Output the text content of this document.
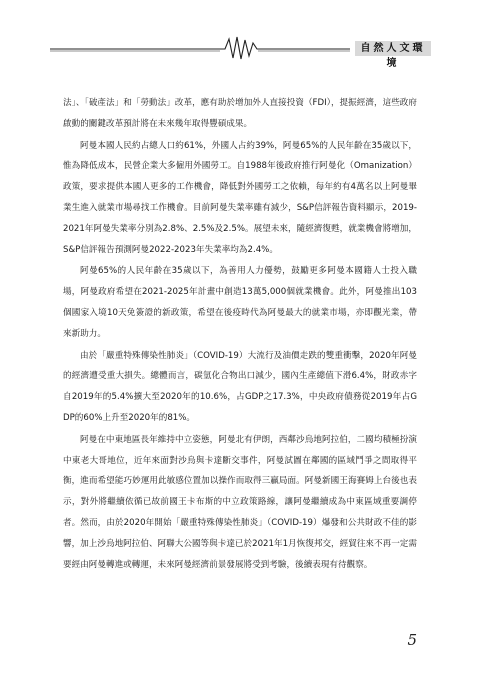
自然人文環境

法」、「破產法」和「勞動法」改革，應有助於增加外人直接投資（FDI），提振經濟，這些政府啟動的關鍵改革預計將在未來幾年取得豐碩成果。

阿曼本國人民約占總人口約61%，外國人占約39%，阿曼65%的人民年齡在35歲以下，惟為降低成本，民營企業大多僱用外國勞工。自1988年後政府推行阿曼化（Omanization）政策，要求提供本國人更多的工作機會，降低對外國勞工之依賴，每年約有4萬名以上阿曼畢業生進入就業市場尋找工作機會。目前阿曼失業率雖有減少，S&P信評報告資料顯示，2019-2021年阿曼失業率分別為2.8%、2.5%及2.5%。展望未來，隨經濟復甦，就業機會將增加，S&P信評報告預測阿曼2022-2023年失業率均為2.4%。

阿曼65%的人民年齡在35歲以下，為善用人力優勢，鼓勵更多阿曼本國籍人士投入職場，阿曼政府希望在2021-2025年計畫中創造13萬5,000個就業機會。此外，阿曼推出103個國家入境10天免簽證的新政策，希望在後疫時代為阿曼最大的就業市場，亦即觀光業，帶來新助力。

由於「嚴重特殊傳染性肺炎」（COVID-19）大流行及油價走跌的雙重衝擊，2020年阿曼的經濟遭受重大損失。總體而言，碳氫化合物出口減少，國內生產總值下滑6.4%，財政赤字自2019年的5.4%擴大至2020年的10.6%，占GDP之17.3%，中央政府債務從2019年占GDP的60%上升至2020年的81%。

阿曼在中東地區長年維持中立姿態，阿曼北有伊朗，西鄰沙烏地阿拉伯，二國均積極扮演中東老大哥地位，近年來面對沙烏與卡達斷交事件，阿曼試圖在鄰國的區域鬥爭之間取得平衡，進而希望能巧妙運用此敏感位置加以操作而取得三贏局面。阿曼新國王海賽姆上台後也表示，對外將繼續依循已故前國王卡布斯的中立政策路線，讓阿曼繼續成為中東區域重要調停者。然而，由於2020年開始「嚴重特殊傳染性肺炎」（COVID-19）爆發和公共財政不佳的影響，加上沙烏地阿拉伯、阿聯大公國等與卡達已於2021年1月恢復邦交，經貿往來不再一定需要經由阿曼轉進或轉運，未來阿曼經濟前景發展將受到考驗，後續表現有待觀察。

5
